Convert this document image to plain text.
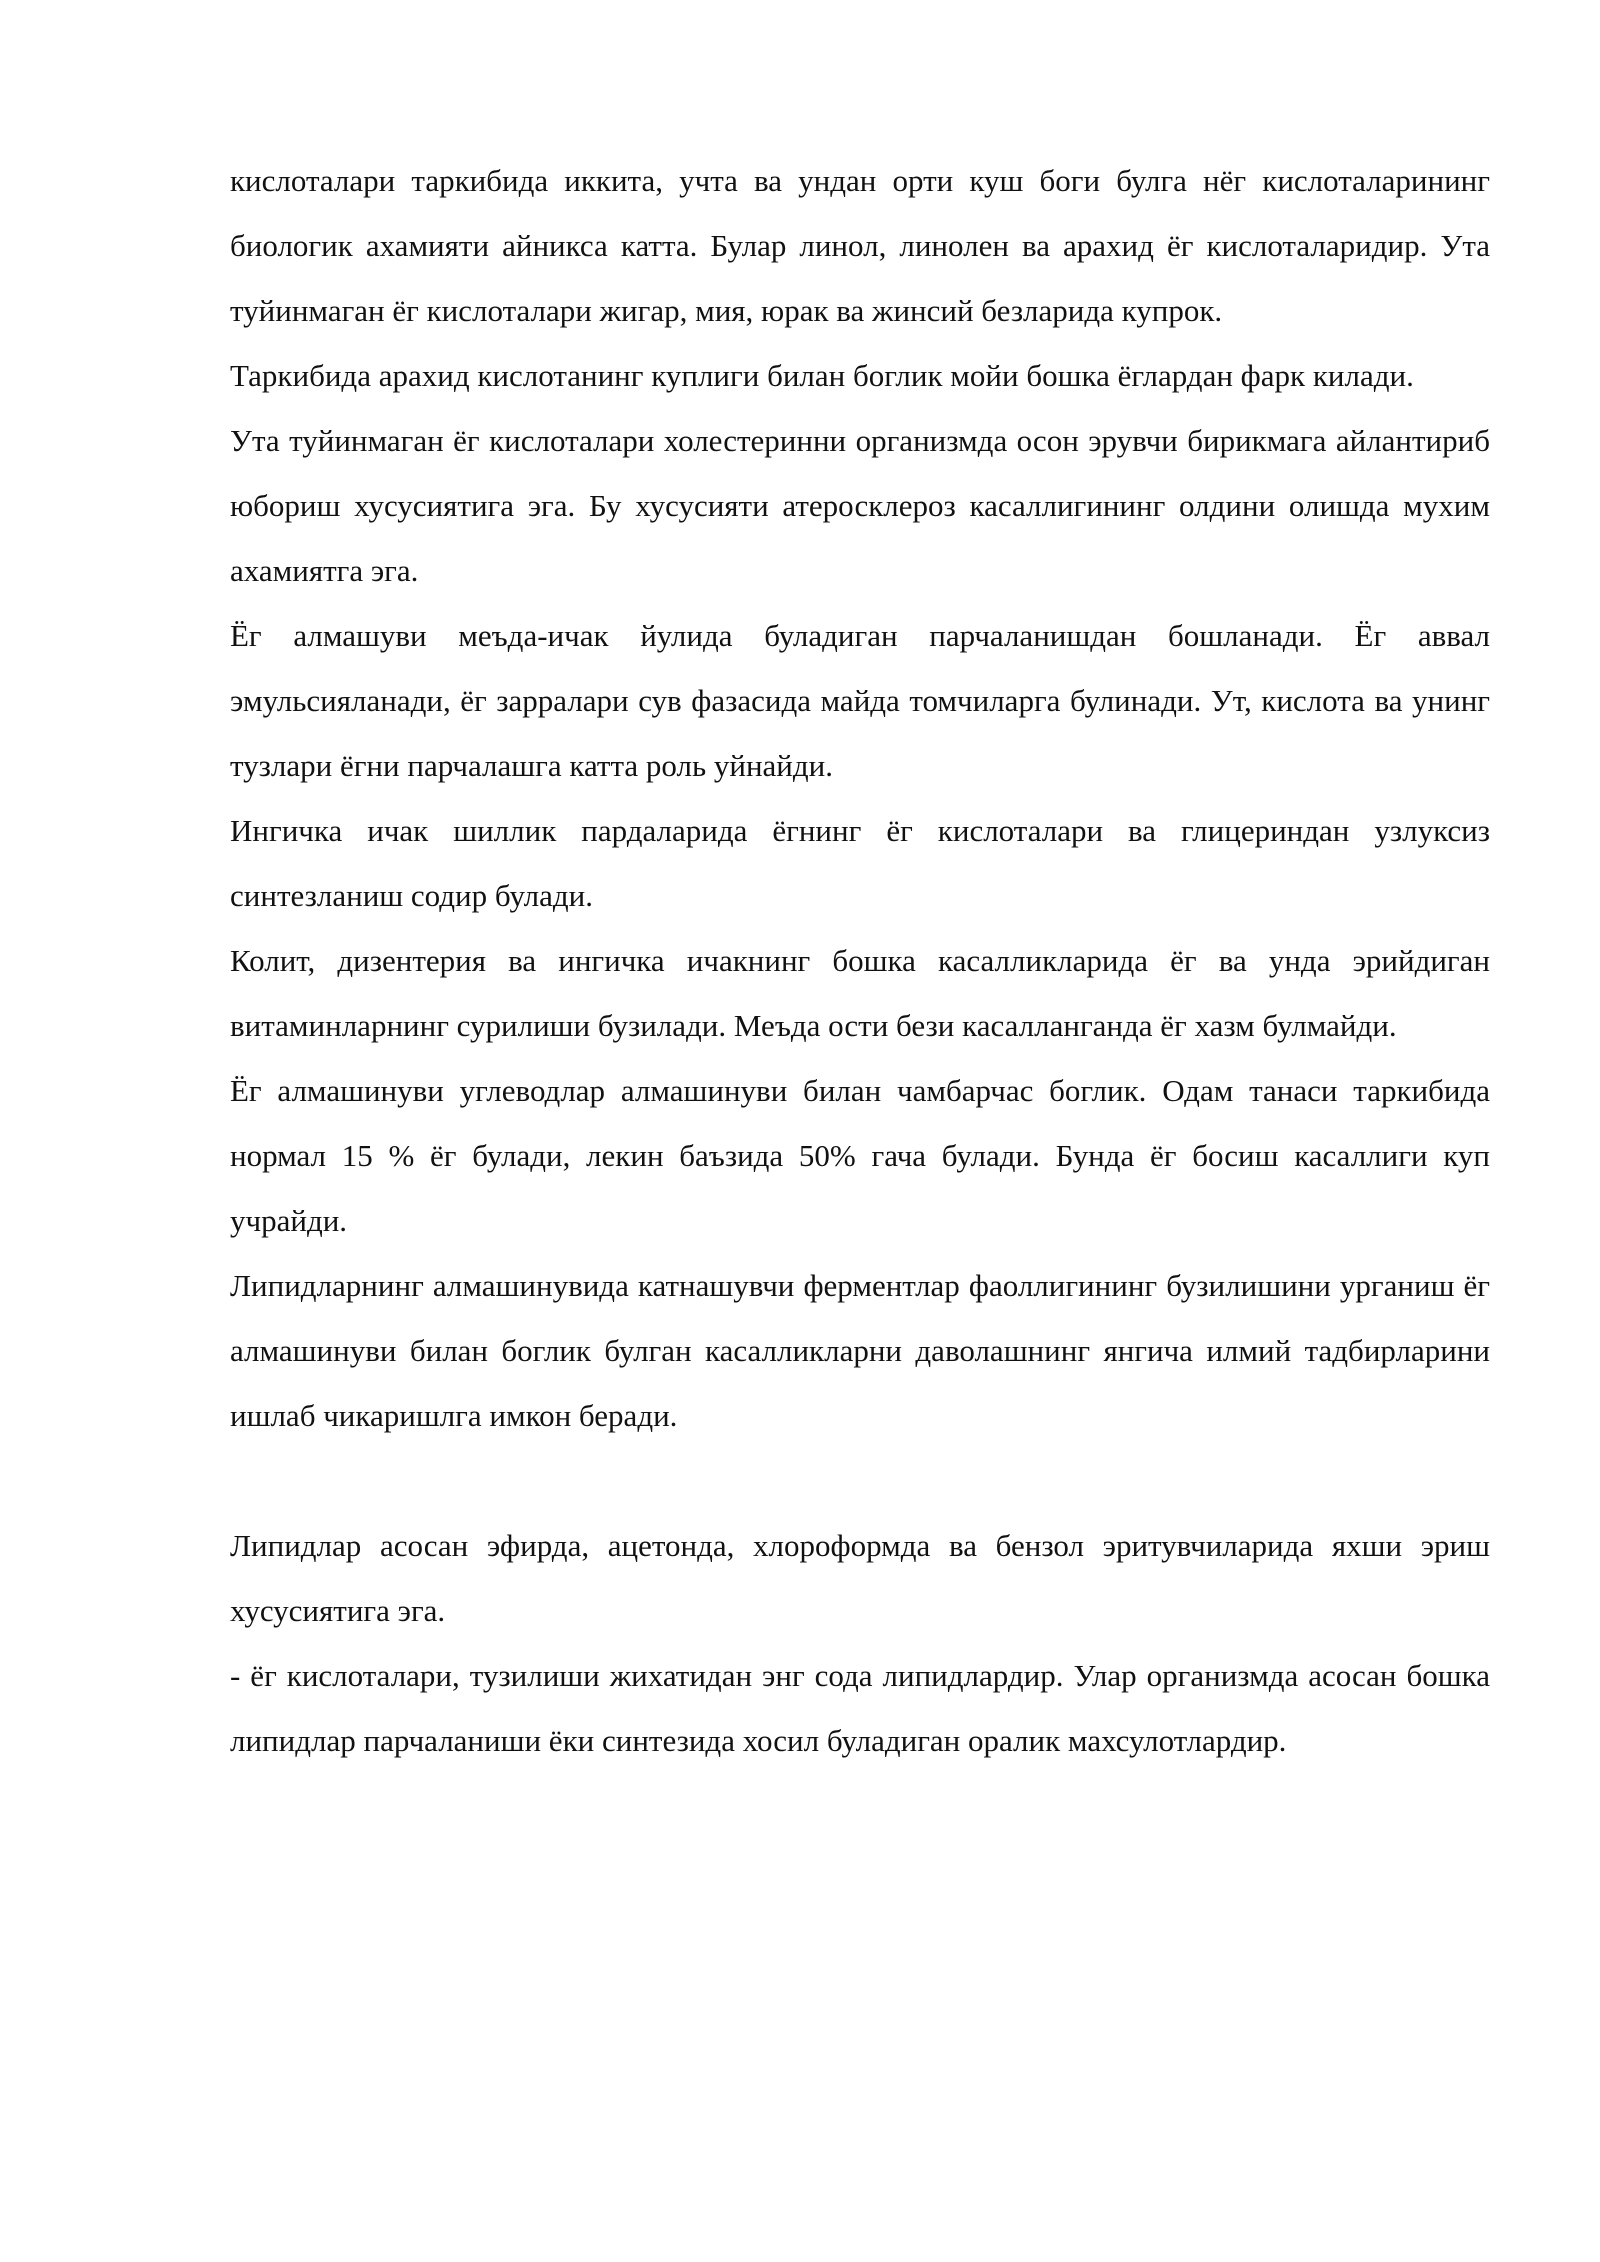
кислоталари таркибида иккита, учта ва ундан орти куш боги булга нёг кислоталарининг биологик ахамияти айникса катта. Булар линол, линолен ва арахид ёг кислоталаридир. Ута туйинмаган ёг кислоталари жигар, мия, юрак ва жинсий безларида купрок.

Таркибида арахид кислотанинг куплиги билан боглик мойи бошка ёглардан фарк килади.

Ута туйинмаган ёг кислоталари холестеринни организмда осон эрувчи бирикмага айлантириб юбориш хусусиятига эга. Бу хусусияти атеросклероз касаллигининг олдини олишда мухим ахамиятга эга.

Ёг алмашуви меъда-ичак йулида буладиган парчаланишдан бошланади. Ёг аввал эмульсияланади, ёг зарралари сув фазасида майда томчиларга булинади. Ут, кислота ва унинг тузлари ёгни парчалашга катта роль уйнайди.

Ингичка ичак шиллик пардаларида ёгнинг ёг кислоталари ва глицериндан узлуксиз синтезланиш содир булади.

Колит, дизентерия ва ингичка ичакнинг бошка касалликларида ёг ва унда эрийдиган витаминларнинг сурилиши бузилади. Меъда ости бези касалланганда ёг хазм булмайди.

Ёг алмашинуви углеводлар алмашинуви билан чамбарчас боглик. Одам танаси таркибида нормал 15 % ёг булади, лекин баъзида 50% гача булади. Бунда ёг босиш касаллиги куп учрайди.

Липидларнинг алмашинувида катнашувчи ферментлар фаоллигининг бузилишини урганиш ёг алмашинуви билан боглик булган касалликларни даволашнинг янгича илмий тадбирларини ишлаб чикаришлга имкон беради.

Липидлар асосан эфирда, ацетонда, хлороформда ва бензол эритувчиларида яхши эриш хусусиятига эга.

- ёг кислоталари, тузилиши жихатидан энг сода липидлардир. Улар организмда асосан бошка липидлар парчаланиши ёки синтезида хосил буладиган оралик махсулотлардир.
